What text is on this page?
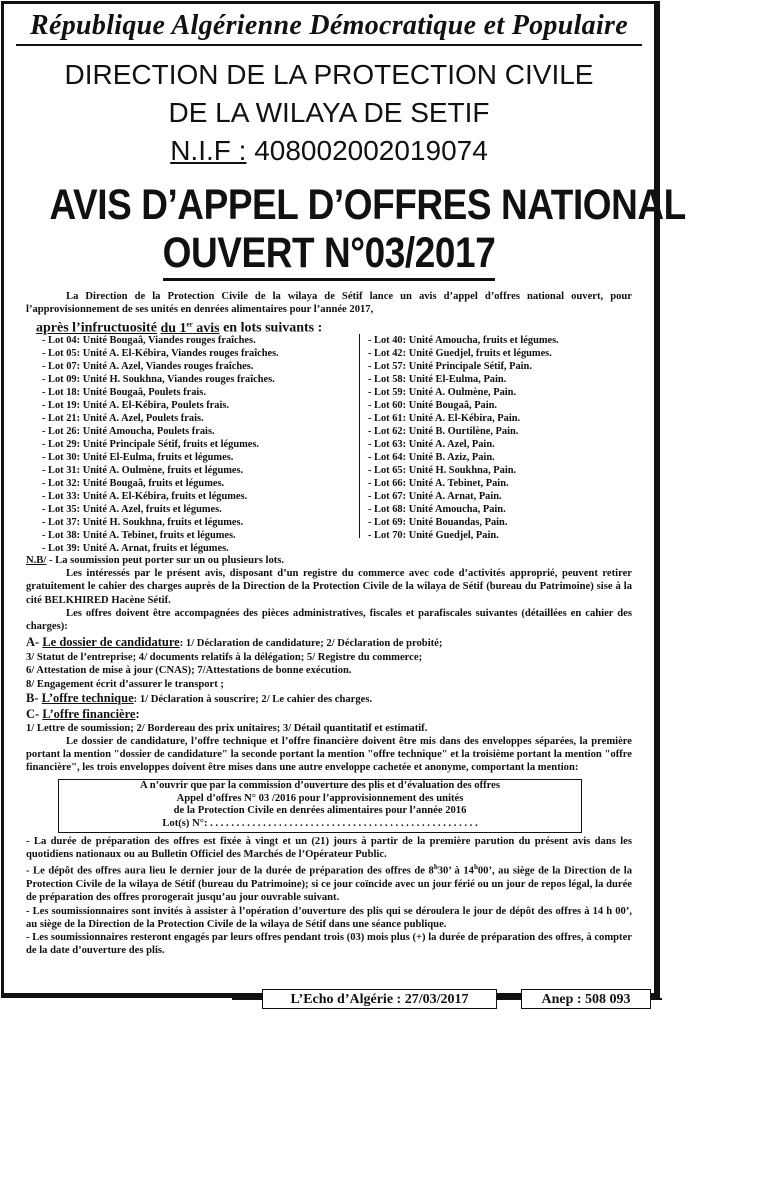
République Algérienne Démocratique et Populaire
DIRECTION DE LA PROTECTION CIVILE
DE LA WILAYA DE SETIF
N.I.F : 408002002019074
AVIS D’APPEL D’OFFRES NATIONAL
OUVERT N°03/2017

La Direction de la Protection Civile de la wilaya de Sétif lance un avis d’appel d’offres national ouvert, pour l’approvisionnement de ses unités en denrées alimentaires pour l’année 2017,

après l’infructuosité du 1er avis en lots suivants :

- Lot 04: Unité Bougaâ, Viandes rouges fraîches.
- Lot 05: Unité A. El-Kébira, Viandes rouges fraîches.
- Lot 07: Unité A. Azel, Viandes rouges fraîches.
- Lot 09: Unité H. Soukhna, Viandes rouges fraîches.
- Lot 18: Unité Bougaâ, Poulets frais.
- Lot 19: Unité A. El-Kébira, Poulets frais.
- Lot 21: Unité A. Azel, Poulets frais.
- Lot 26: Unité Amoucha, Poulets frais.
- Lot 29: Unité Principale Sétif, fruits et légumes.
- Lot 30: Unité El-Eulma, fruits et légumes.
- Lot 31: Unité A. Oulmène, fruits et légumes.
- Lot 32: Unité Bougaâ, fruits et légumes.
- Lot 33: Unité A. El-Kébira, fruits et légumes.
- Lot 35: Unité A. Azel, fruits et légumes.
- Lot 37: Unité H. Soukhna, fruits et légumes.
- Lot 38: Unité A. Tebinet, fruits et légumes.
- Lot 39: Unité A. Arnat, fruits et légumes.
- Lot 40: Unité Amoucha, fruits et légumes.
- Lot 42: Unité Guedjel, fruits et légumes.
- Lot 57: Unité Principale Sétif, Pain.
- Lot 58: Unité El-Eulma, Pain.
- Lot 59: Unité A. Oulmène, Pain.
- Lot 60: Unité Bougaâ, Pain.
- Lot 61: Unité A. El-Kébira, Pain.
- Lot 62: Unité B. Ourtilène, Pain.
- Lot 63: Unité A. Azel, Pain.
- Lot 64: Unité B. Aziz, Pain.
- Lot 65: Unité H. Soukhna, Pain.
- Lot 66: Unité A. Tebinet, Pain.
- Lot 67: Unité A. Arnat, Pain.
- Lot 68: Unité Amoucha, Pain.
- Lot 69: Unité Bouandas, Pain.
- Lot 70: Unité Guedjel, Pain.

N.B/ - La soumission peut porter sur un ou plusieurs lots.

Les intéressés par le présent avis, disposant d’un registre du commerce avec code d’activités approprié, peuvent retirer gratuitement le cahier des charges auprès de la Direction de la Protection Civile de la wilaya de Sétif (bureau du Patrimoine) sise à la cité BELKHIRED Hacène Sétif.

Les offres doivent être accompagnées des pièces administratives, fiscales et parafiscales suivantes (détaillées en cahier des charges):

A- Le dossier de candidature: 1/ Déclaration de candidature; 2/ Déclaration de probité;

3/ Statut de l’entreprise; 4/ documents relatifs à la délégation; 5/ Registre du commerce;

6/ Attestation de mise à jour (CNAS); 7/Attestations de bonne exécution.

8/ Engagement écrit d’assurer le transport ;

B- L’offre technique: 1/ Déclaration à souscrire; 2/ Le cahier des charges.

C- L’offre financière:

1/ Lettre de soumission; 2/ Bordereau des prix unitaires; 3/ Détail quantitatif et estimatif.

Le dossier de candidature, l’offre technique et l’offre financière doivent être mis dans des enveloppes séparées, la première portant la mention "dossier de candidature" la seconde portant la mention "offre technique" et la troisième portant la mention "offre financière", les trois enveloppes doivent être mises dans une autre enveloppe cachetée et anonyme, comportant la mention:

A n’ouvrir que par la commission d’ouverture des plis et d’évaluation des offres
Appel d’offres N° 03 /2016 pour l’approvisionnement des unités
de la Protection Civile en denrées alimentaires pour l’année 2016
Lot(s) N°: . . . . . . . . . . . . . . . . . . . . . . . . . . . . . . . . . . . . . . . . . . . . . . . . . . .

- La durée de préparation des offres est fixée à vingt et un (21) jours à partir de la première parution du présent avis dans les quotidiens nationaux ou au Bulletin Officiel des Marchés de l’Opérateur Public.

- Le dépôt des offres aura lieu le dernier jour de la durée de préparation des offres de 8$^h$30’ à 14$^h$00’, au siège de la Direction de la Protection Civile de la wilaya de Sétif (bureau du Patrimoine); si ce jour coïncide avec un jour férié ou un jour de repos légal, la durée de préparation des offres prorogerait jusqu’au jour ouvrable suivant.

- Les soumissionnaires sont invités à assister à l’opération d’ouverture des plis qui se déroulera le jour de dépôt des offres à 14 h 00’, au siège de la Direction de la Protection Civile de la wilaya de Sétif dans une séance publique.

- Les soumissionnaires resteront engagés par leurs offres pendant trois (03) mois plus (+) la durée de préparation des offres, à compter de la date d’ouverture des plis.

L’Echo d’Algérie : 27/03/2017	Anep : 508 093
